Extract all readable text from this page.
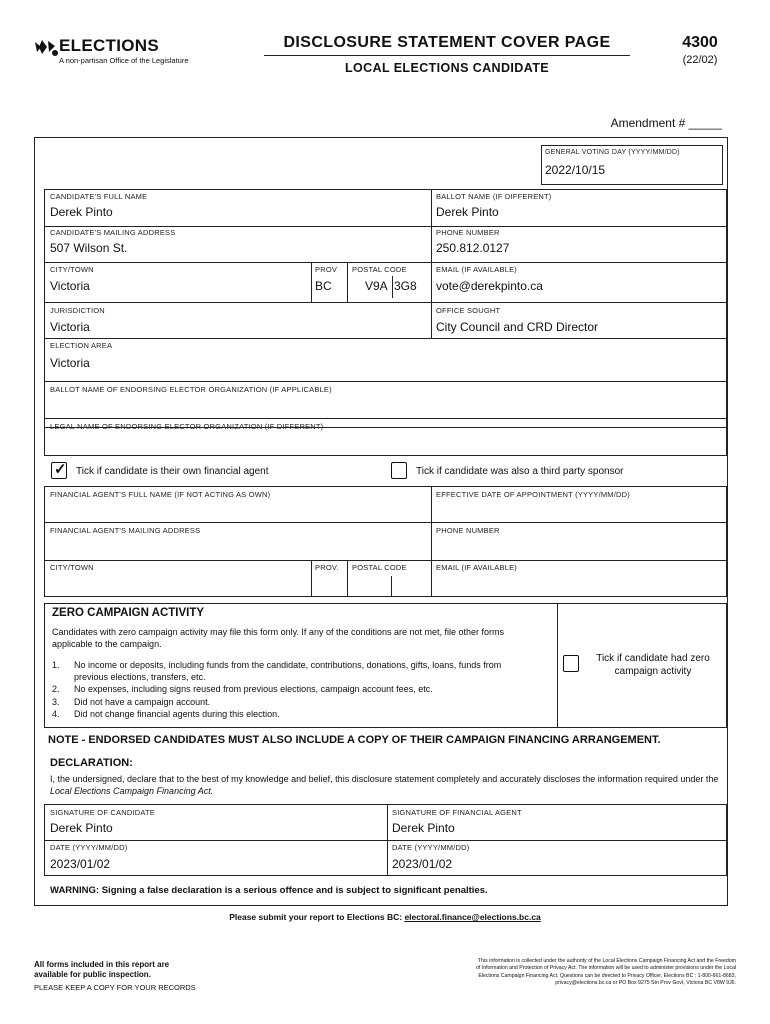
ELECTIONS
A non-partisan Office of the Legislature
DISCLOSURE STATEMENT COVER PAGE
LOCAL ELECTIONS CANDIDATE
4300
(22/02)
Amendment # _____
GENERAL VOTING DAY (YYYY/MM/DD)
2022/10/15
CANDIDATE'S FULL NAME
Derek Pinto
BALLOT NAME (IF DIFFERENT)
Derek Pinto
CANDIDATE'S MAILING ADDRESS
507 Wilson St.
PHONE NUMBER
250.812.0127
CITY/TOWN
Victoria
PROV
BC
POSTAL CODE
V9A 3G8
EMAIL (IF AVAILABLE)
vote@derekpinto.ca
JURISDICTION
Victoria
OFFICE SOUGHT
City Council and CRD Director
ELECTION AREA
Victoria
BALLOT NAME OF ENDORSING ELECTOR ORGANIZATION (IF APPLICABLE)
LEGAL NAME OF ENDORSING ELECTOR ORGANIZATION (IF DIFFERENT)
✓ Tick if candidate is their own financial agent	Tick if candidate was also a third party sponsor
FINANCIAL AGENT'S FULL NAME (IF NOT ACTING AS OWN)	EFFECTIVE DATE OF APPOINTMENT (YYYY/MM/DD)
FINANCIAL AGENT'S MAILING ADDRESS	PHONE NUMBER
CITY/TOWN	PROV. POSTAL CODE	EMAIL (IF AVAILABLE)
ZERO CAMPAIGN ACTIVITY
Candidates with zero campaign activity may file this form only. If any of the conditions are not met, file other forms applicable to the campaign.
1.	No income or deposits, including funds from the candidate, contributions, donations, gifts, loans, funds from previous elections, transfers, etc.
2.	No expenses, including signs reused from previous elections, campaign account fees, etc.
3.	Did not have a campaign account.
4.	Did not change financial agents during this election.
Tick if candidate had zero campaign activity
NOTE - ENDORSED CANDIDATES MUST ALSO INCLUDE A COPY OF THEIR CAMPAIGN FINANCING ARRANGEMENT.
DECLARATION:
I, the undersigned, declare that to the best of my knowledge and belief, this disclosure statement completely and accurately discloses the information required under the Local Elections Campaign Financing Act.
SIGNATURE OF CANDIDATE
Derek Pinto
SIGNATURE OF FINANCIAL AGENT
Derek Pinto
DATE (YYYY/MM/DD)
2023/01/02
DATE (YYYY/MM/DD)
2023/01/02
WARNING: Signing a false declaration is a serious offence and is subject to significant penalties.
Please submit your report to Elections BC: electoral.finance@elections.bc.ca
All forms included in this report are
available for public inspection.
PLEASE KEEP A COPY FOR YOUR RECORDS
This information is collected under the authority of the Local Elections Campaign Financing Act and the Freedom
of Information and Protection of Privacy Act. The information will be used to administer provisions under the Local
Elections Campaign Financing Act. Questions can be directed to Privacy Officer, Elections BC : 1-800-661-8683,
privacy@elections.bc.ca or PO Box 9275 Stn Prov Govt, Victoria BC V8W 9J6.
